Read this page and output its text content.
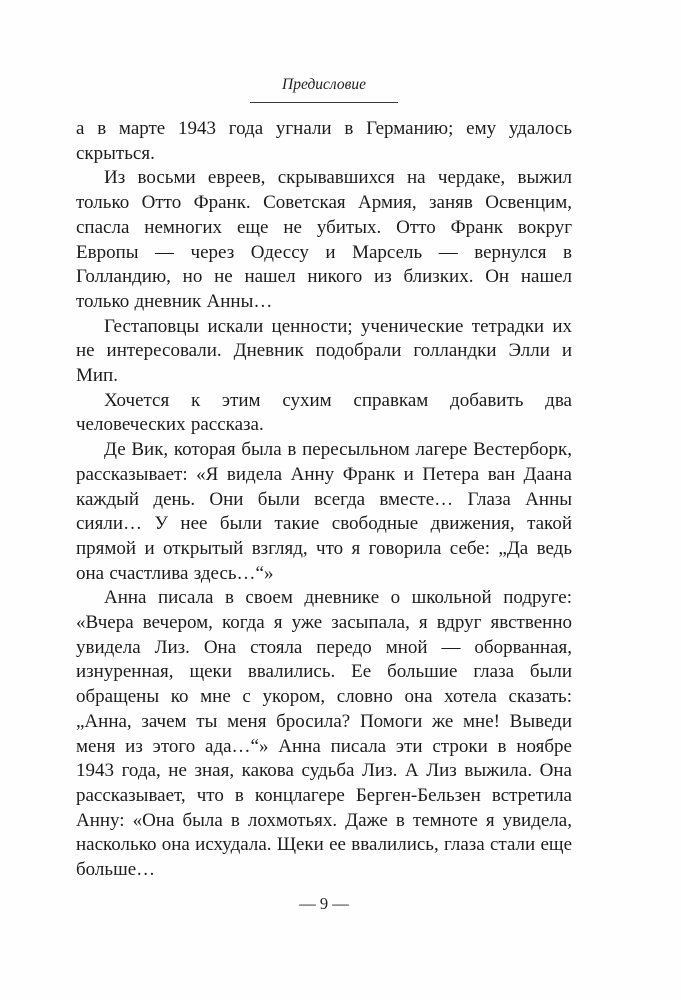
Предисловие

а в марте 1943 года угнали в Германию; ему удалось скрыться.

Из восьми евреев, скрывавшихся на чердаке, выжил только Отто Франк. Советская Армия, заняв Освенцим, спасла немногих еще не убитых. Отто Франк вокруг Европы — через Одессу и Марсель — вернулся в Голландию, но не нашел никого из близких. Он нашел только дневник Анны…

Гестаповцы искали ценности; ученические тетрадки их не интересовали. Дневник подобрали голландки Элли и Мип.

Хочется к этим сухим справкам добавить два человеческих рассказа.

Де Вик, которая была в пересыльном лагере Вестерборк, рассказывает: «Я видела Анну Франк и Петера ван Даана каждый день. Они были всегда вместе… Глаза Анны сияли… У нее были такие свободные движения, такой прямой и открытый взгляд, что я говорила себе: „Да ведь она счастлива здесь…“»

Анна писала в своем дневнике о школьной подруге: «Вчера вечером, когда я уже засыпала, я вдруг явственно увидела Лиз. Она стояла передо мной — оборванная, изнуренная, щеки ввалились. Ее большие глаза были обращены ко мне с укором, словно она хотела сказать: „Анна, зачем ты меня бросила? Помоги же мне! Выведи меня из этого ада…“» Анна писала эти строки в ноябре 1943 года, не зная, какова судьба Лиз. А Лиз выжила. Она рассказывает, что в концлагере Берген-Бельзен встретила Анну: «Она была в лохмотьях. Даже в темноте я увидела, насколько она исхудала. Щеки ее ввалились, глаза стали еще больше…

— 9 —
